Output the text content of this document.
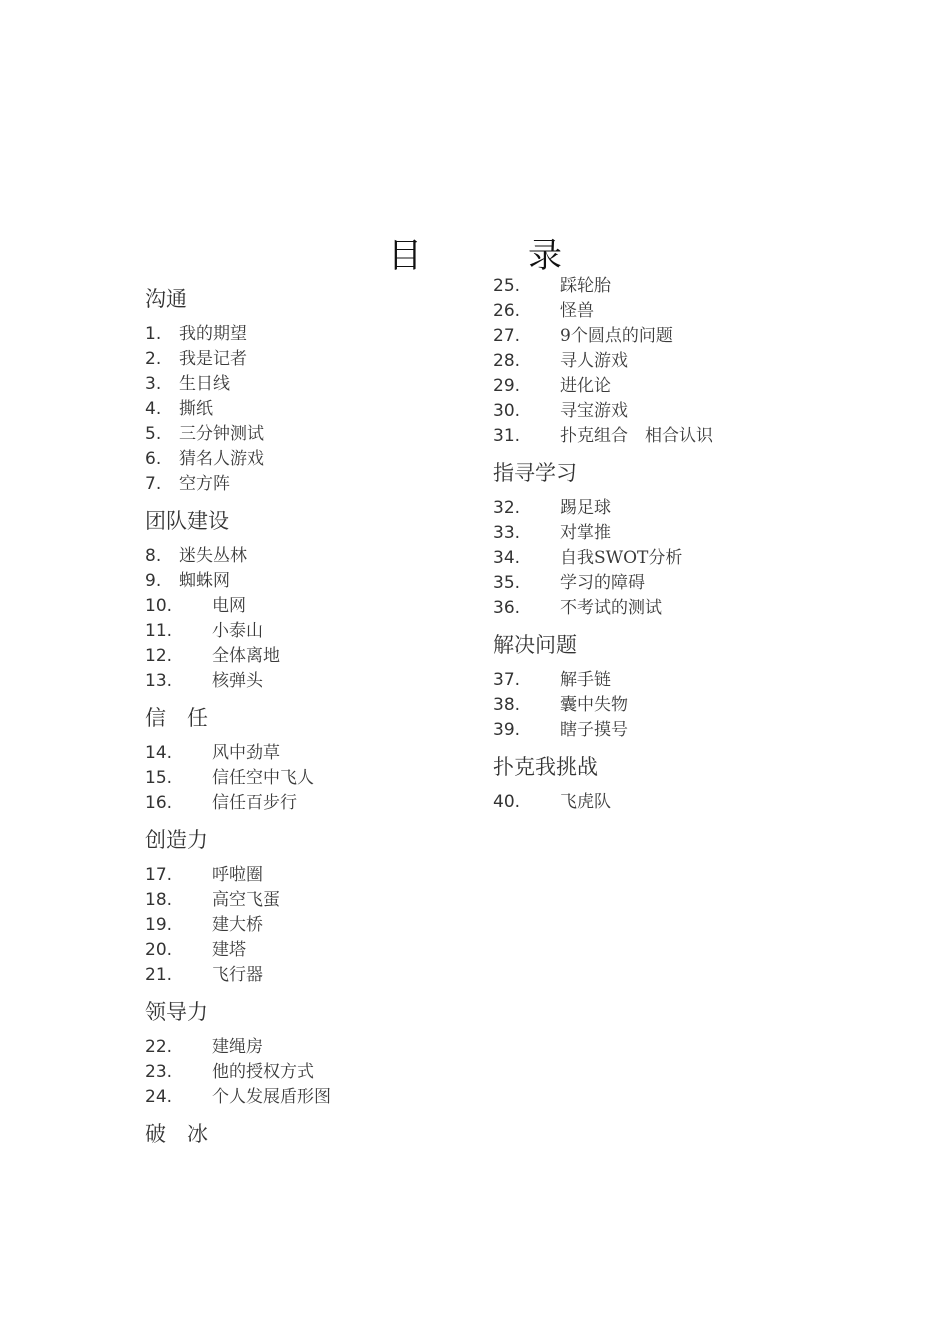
目　录
沟通
1.	我的期望
2.	我是记者
3.	生日线
4.	撕纸
5.	三分钟测试
6.	猜名人游戏
7.	空方阵
团队建设
8.	迷失丛林
9.	蜘蛛网
10.	电网
11.	小泰山
12.	全体离地
13.	核弹头
信　任
14.	风中劲草
15.	信任空中飞人
16.	信任百步行
创造力
17.	呼啦圈
18.	高空飞蛋
19.	建大桥
20.	建塔
21.	飞行器
领导力
22.	建绳房
23.	他的授权方式
24.	个人发展盾形图
破　冰
25.	踩轮胎
26.	怪兽
27.	9个圆点的问题
28.	寻人游戏
29.	进化论
30.	寻宝游戏
31.	扑克组合　相合认识
指寻学习
32.	踢足球
33.	对掌推
34.	自我SWOT分析
35.	学习的障碍
36.	不考试的测试
解决问题
37.	解手链
38.	囊中失物
39.	瞎子摸号
扑克我挑战
40.	飞虎队
